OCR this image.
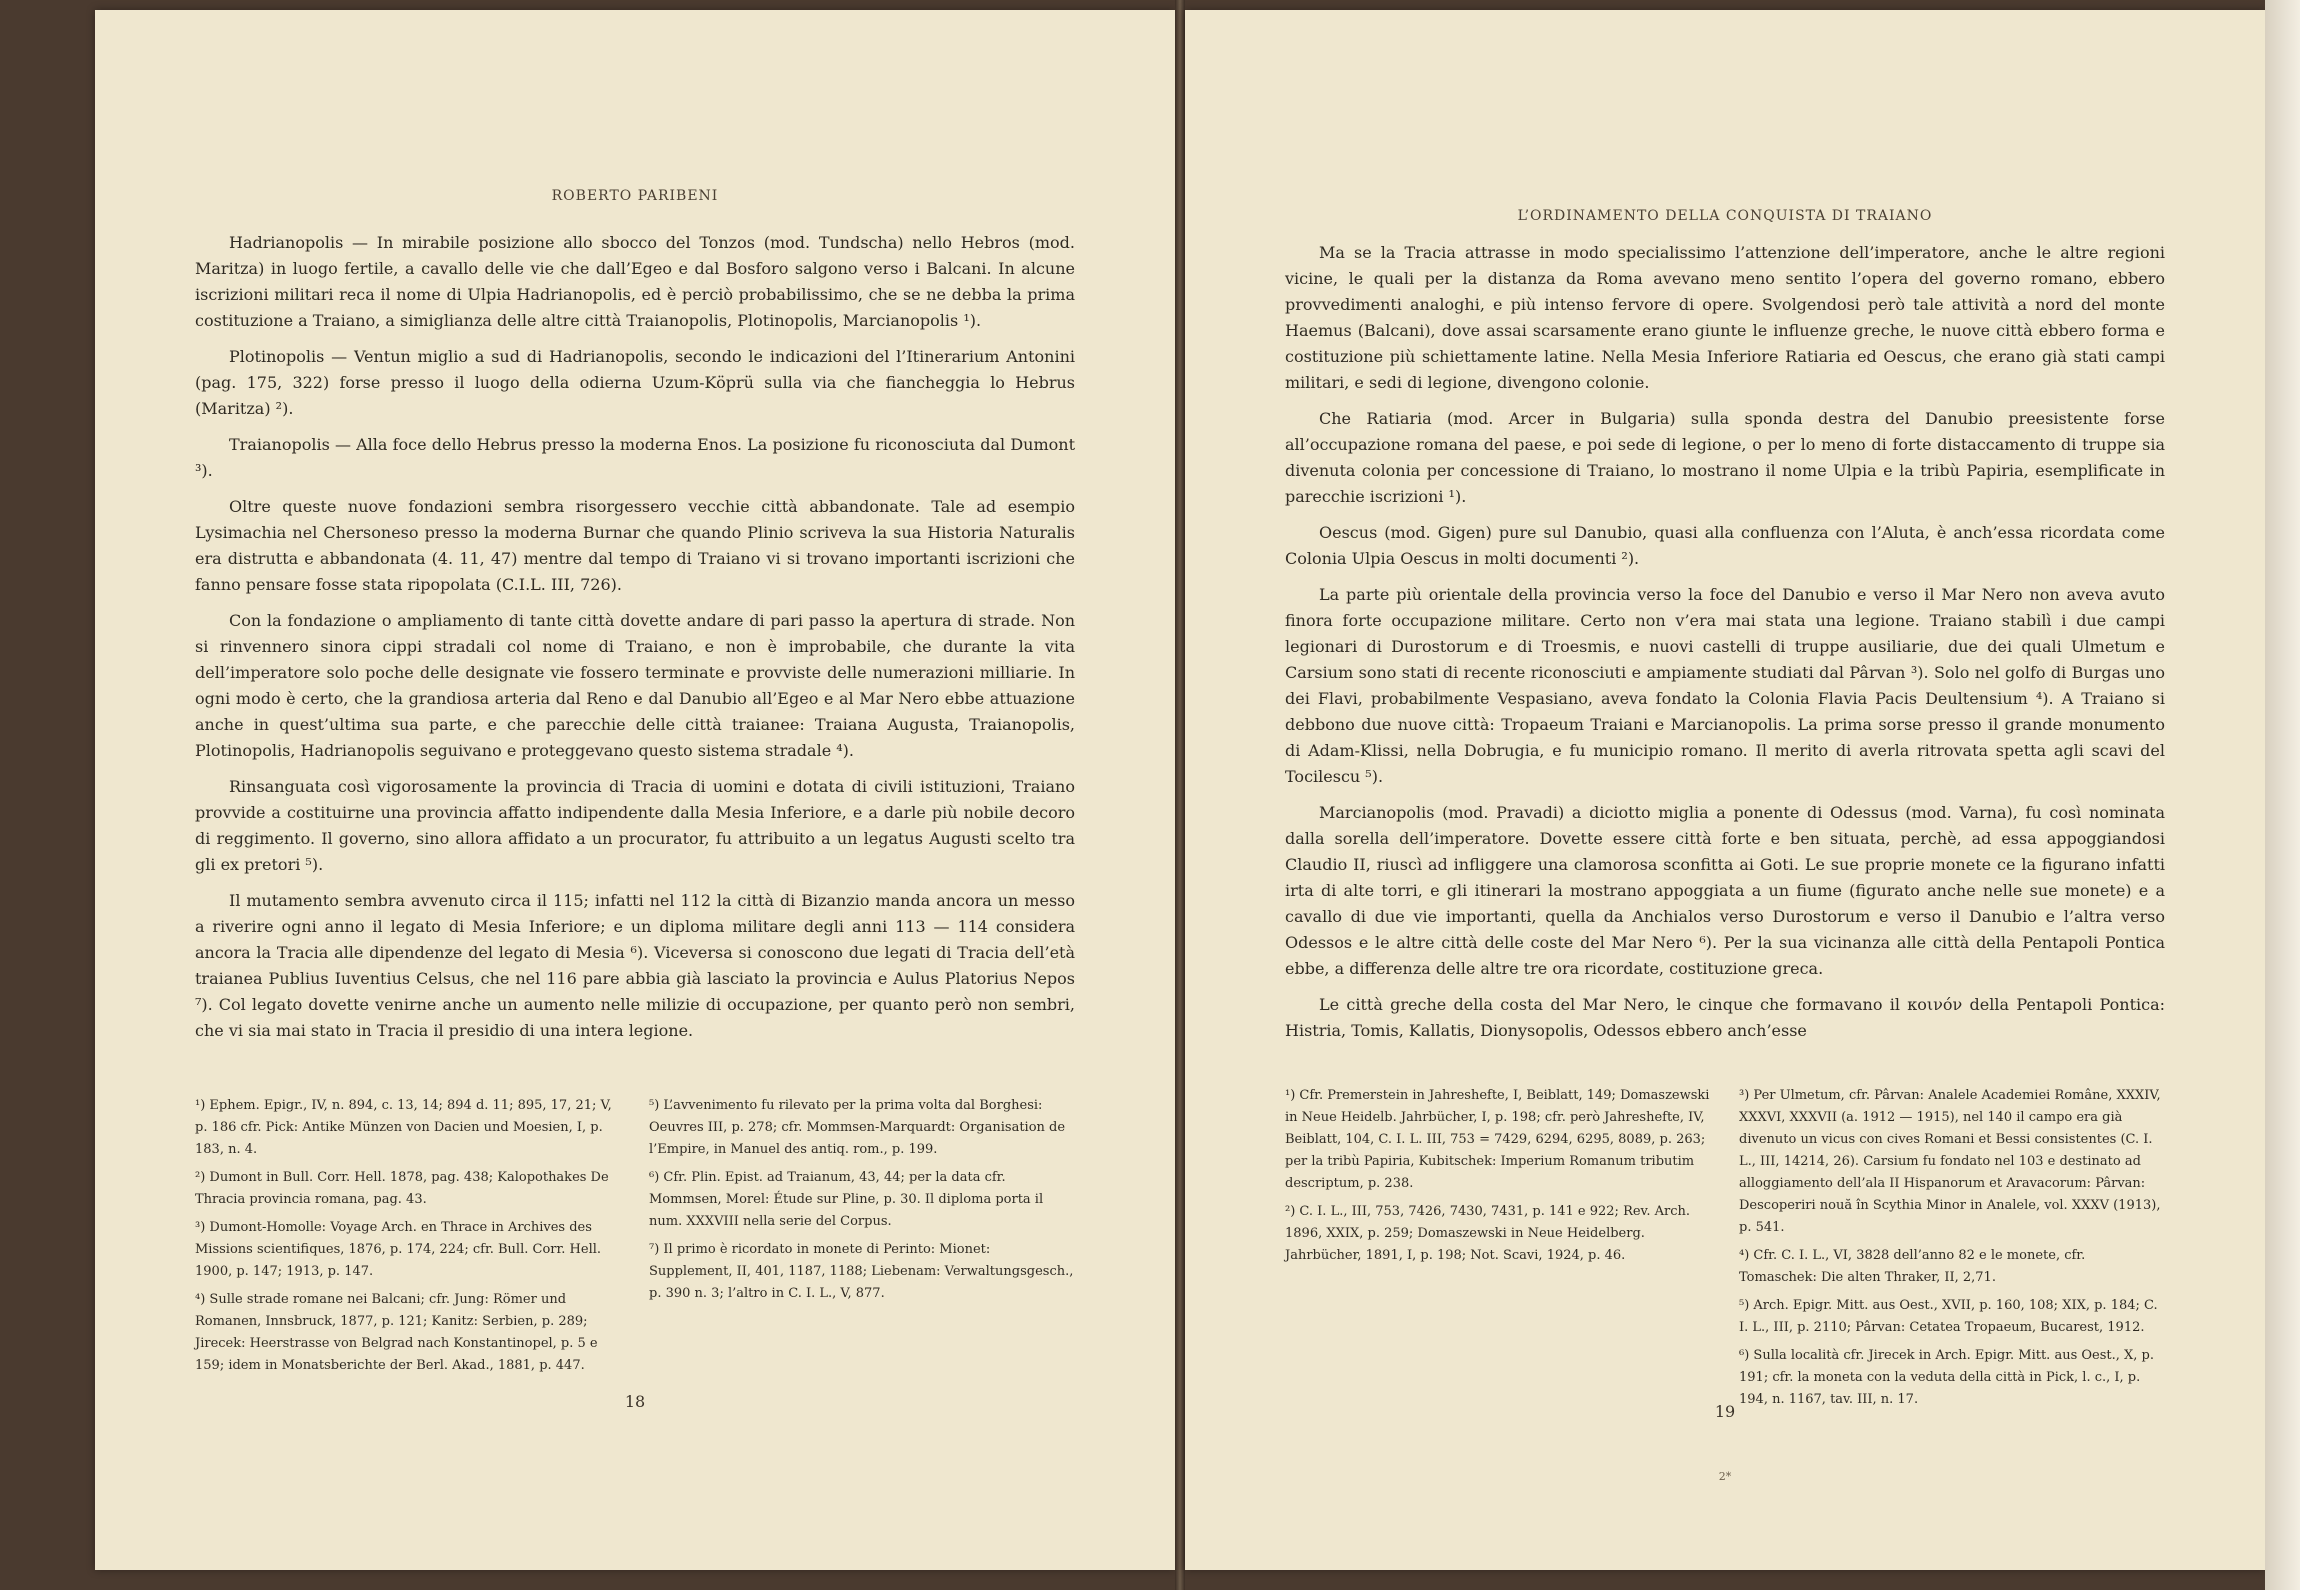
ROBERTO PARIBENI

Hadrianopolis — In mirabile posizione allo sbocco del Tonzos (mod. Tundscha) nello Hebros (mod. Maritza) in luogo fertile, a cavallo delle vie che dall’Egeo e dal Bosforo salgono verso i Balcani. In alcune iscrizioni militari reca il nome di Ulpia Hadrianopolis, ed è perciò probabilissimo, che se ne debba la prima costituzione a Traiano, a simiglianza delle altre città Traianopolis, Plotinopolis, Marcianopolis ¹).

Plotinopolis — Ventun miglio a sud di Hadrianopolis, secondo le indicazioni del l’Itinerarium Antonini (pag. 175, 322) forse presso il luogo della odierna Uzum-Köprü sulla via che fiancheggia lo Hebrus (Maritza) ²).

Traianopolis — Alla foce dello Hebrus presso la moderna Enos. La posizione fu riconosciuta dal Dumont ³).

Oltre queste nuove fondazioni sembra risorgessero vecchie città abbandonate. Tale ad esempio Lysimachia nel Chersoneso presso la moderna Burnar che quando Plinio scriveva la sua Historia Naturalis era distrutta e abbandonata (4. 11, 47) mentre dal tempo di Traiano vi si trovano importanti iscrizioni che fanno pensare fosse stata ripopolata (C.I.L. III, 726).

Con la fondazione o ampliamento di tante città dovette andare di pari passo la apertura di strade. Non si rinvennero sinora cippi stradali col nome di Traiano, e non è improbabile, che durante la vita dell’imperatore solo poche delle designate vie fossero terminate e provviste delle numerazioni milliarie. In ogni modo è certo, che la grandiosa arteria dal Reno e dal Danubio all’Egeo e al Mar Nero ebbe attuazione anche in quest’ultima sua parte, e che parecchie delle città traianee: Traiana Augusta, Traianopolis, Plotinopolis, Hadrianopolis seguivano e proteggevano questo sistema stradale ⁴).

Rinsanguata così vigorosamente la provincia di Tracia di uomini e dotata di civili istituzioni, Traiano provvide a costituirne una provincia affatto indipendente dalla Mesia Inferiore, e a darle più nobile decoro di reggimento. Il governo, sino allora affidato a un procurator, fu attribuito a un legatus Augusti scelto tra gli ex pretori ⁵).

Il mutamento sembra avvenuto circa il 115; infatti nel 112 la città di Bizanzio manda ancora un messo a riverire ogni anno il legato di Mesia Inferiore; e un diploma militare degli anni 113 — 114 considera ancora la Tracia alle dipendenze del legato di Mesia ⁶). Viceversa si conoscono due legati di Tracia dell’età traianea Publius Iuventius Celsus, che nel 116 pare abbia già lasciato la provincia e Aulus Platorius Nepos ⁷). Col legato dovette venirne anche un aumento nelle milizie di occupazione, per quanto però non sembri, che vi sia mai stato in Tracia il presidio di una intera legione.

¹) Ephem. Epigr., IV, n. 894, c. 13, 14; 894 d. 11; 895, 17, 21; V, p. 186 cfr. Pick: Antike Münzen von Dacien und Moesien, I, p. 183, n. 4.
²) Dumont in Bull. Corr. Hell. 1878, pag. 438; Kalopothakes De Thracia provincia romana, pag. 43.
³) Dumont-Homolle: Voyage Arch. en Thrace in Archives des Missions scientifiques, 1876, p. 174, 224; cfr. Bull. Corr. Hell. 1900, p. 147; 1913, p. 147.
⁴) Sulle strade romane nei Balcani; cfr. Jung: Römer und Romanen, Innsbruck, 1877, p. 121; Kanitz: Serbien, p. 289; Jirecek: Heerstrasse von Belgrad nach Konstantinopel, p. 5 e 159; idem in Monatsberichte der Berl. Akad., 1881, p. 447.
⁵) L’avvenimento fu rilevato per la prima volta dal Borghesi: Oeuvres III, p. 278; cfr. Mommsen-Marquardt: Organisation de l’Empire, in Manuel des antiq. rom., p. 199.
⁶) Cfr. Plin. Epist. ad Traianum, 43, 44; per la data cfr. Mommsen, Morel: Étude sur Pline, p. 30. Il diploma porta il num. XXXVIII nella serie del Corpus.
⁷) Il primo è ricordato in monete di Perinto: Mionet: Supplement, II, 401, 1187, 1188; Liebenam: Verwaltungsgesch., p. 390 n. 3; l’altro in C. I. L., V, 877.
18
L’ORDINAMENTO DELLA CONQUISTA DI TRAIANO

Ma se la Tracia attrasse in modo specialissimo l’attenzione dell’imperatore, anche le altre regioni vicine, le quali per la distanza da Roma avevano meno sentito l’opera del governo romano, ebbero provvedimenti analoghi, e più intenso fervore di opere. Svolgendosi però tale attività a nord del monte Haemus (Balcani), dove assai scarsamente erano giunte le influenze greche, le nuove città ebbero forma e costituzione più schiettamente latine. Nella Mesia Inferiore Ratiaria ed Oescus, che erano già stati campi militari, e sedi di legione, divengono colonie.

Che Ratiaria (mod. Arcer in Bulgaria) sulla sponda destra del Danubio preesistente forse all’occupazione romana del paese, e poi sede di legione, o per lo meno di forte distaccamento di truppe sia divenuta colonia per concessione di Traiano, lo mostrano il nome Ulpia e la tribù Papiria, esemplificate in parecchie iscrizioni ¹).

Oescus (mod. Gigen) pure sul Danubio, quasi alla confluenza con l’Aluta, è anch’essa ricordata come Colonia Ulpia Oescus in molti documenti ²).

La parte più orientale della provincia verso la foce del Danubio e verso il Mar Nero non aveva avuto finora forte occupazione militare. Certo non v’era mai stata una legione. Traiano stabilì i due campi legionari di Durostorum e di Troesmis, e nuovi castelli di truppe ausiliarie, due dei quali Ulmetum e Carsium sono stati di recente riconosciuti e ampiamente studiati dal Pârvan ³). Solo nel golfo di Burgas uno dei Flavi, probabilmente Vespasiano, aveva fondato la Colonia Flavia Pacis Deultensium ⁴). A Traiano si debbono due nuove città: Tropaeum Traiani e Marcianopolis. La prima sorse presso il grande monumento di Adam-Klissi, nella Dobrugia, e fu municipio romano. Il merito di averla ritrovata spetta agli scavi del Tocilescu ⁵).

Marcianopolis (mod. Pravadi) a diciotto miglia a ponente di Odessus (mod. Varna), fu così nominata dalla sorella dell’imperatore. Dovette essere città forte e ben situata, perchè, ad essa appoggiandosi Claudio II, riuscì ad infliggere una clamorosa sconfitta ai Goti. Le sue proprie monete ce la figurano infatti irta di alte torri, e gli itinerari la mostrano appoggiata a un fiume (figurato anche nelle sue monete) e a cavallo di due vie importanti, quella da Anchialos verso Durostorum e verso il Danubio e l’altra verso Odessos e le altre città delle coste del Mar Nero ⁶). Per la sua vicinanza alle città della Pentapoli Pontica ebbe, a differenza delle altre tre ora ricordate, costituzione greca.

Le città greche della costa del Mar Nero, le cinque che formavano il κοινόν della Pentapoli Pontica: Histria, Tomis, Kallatis, Dionysopolis, Odessos ebbero anch’esse

¹) Cfr. Premerstein in Jahreshefte, I, Beiblatt, 149; Domaszewski in Neue Heidelb. Jahrbücher, I, p. 198; cfr. però Jahreshefte, IV, Beiblatt, 104, C. I. L. III, 753 = 7429, 6294, 6295, 8089, p. 263; per la tribù Papiria, Kubitschek: Imperium Romanum tributim descriptum, p. 238.
²) C. I. L., III, 753, 7426, 7430, 7431, p. 141 e 922; Rev. Arch. 1896, XXIX, p. 259; Domaszewski in Neue Heidelberg. Jahrbücher, 1891, I, p. 198; Not. Scavi, 1924, p. 46.
³) Per Ulmetum, cfr. Pârvan: Analele Academiei Române, XXXIV, XXXVI, XXXVII (a. 1912 — 1915), nel 140 il campo era già divenuto un vicus con cives Romani et Bessi consistentes (C. I. L., III, 14214, 26). Carsium fu fondato nel 103 e destinato ad alloggiamento dell’ala II Hispanorum et Aravacorum: Pârvan: Descoperiri nouă în Scythia Minor in Analele, vol. XXXV (1913), p. 541.
⁴) Cfr. C. I. L., VI, 3828 dell’anno 82 e le monete, cfr. Tomaschek: Die alten Thraker, II, 2,71.
⁵) Arch. Epigr. Mitt. aus Oest., XVII, p. 160, 108; XIX, p. 184; C. I. L., III, p. 2110; Pârvan: Cetatea Tropaeum, Bucarest, 1912.
⁶) Sulla località cfr. Jirecek in Arch. Epigr. Mitt. aus Oest., X, p. 191; cfr. la moneta con la veduta della città in Pick, l. c., I, p. 194, n. 1167, tav. III, n. 17.
19
2*
